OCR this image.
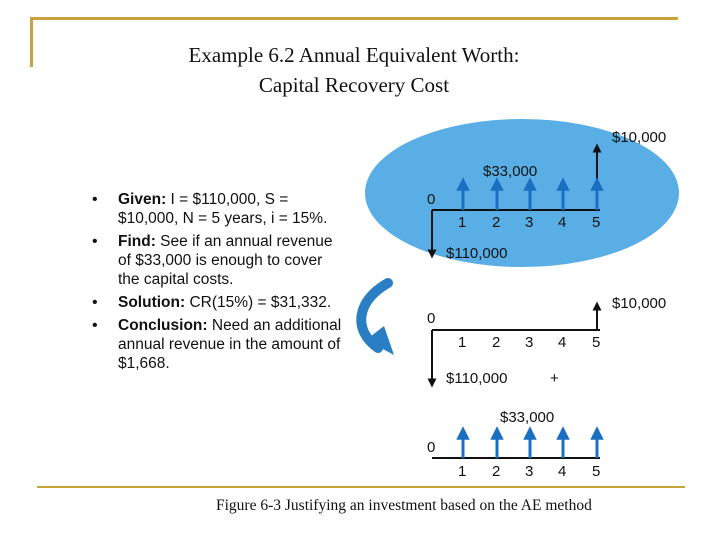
Example 6.2 Annual Equivalent Worth:
Capital Recovery Cost
$10,000
$33,000
0
1 2 3 4 5
$110,000
$10,000
0
1 2 3 4 5
$110,000	+
$33,000
0
1 2 3 4 5
• Given: I = $110,000, S = $10,000, N = 5 years, i = 15%.
• Find: See if an annual revenue of $33,000 is enough to cover the capital costs.
• Solution: CR(15%) = $31,332.
• Conclusion: Need an additional annual revenue in the amount of $1,668.
Figure 6-3 Justifying an investment based on the AE method
